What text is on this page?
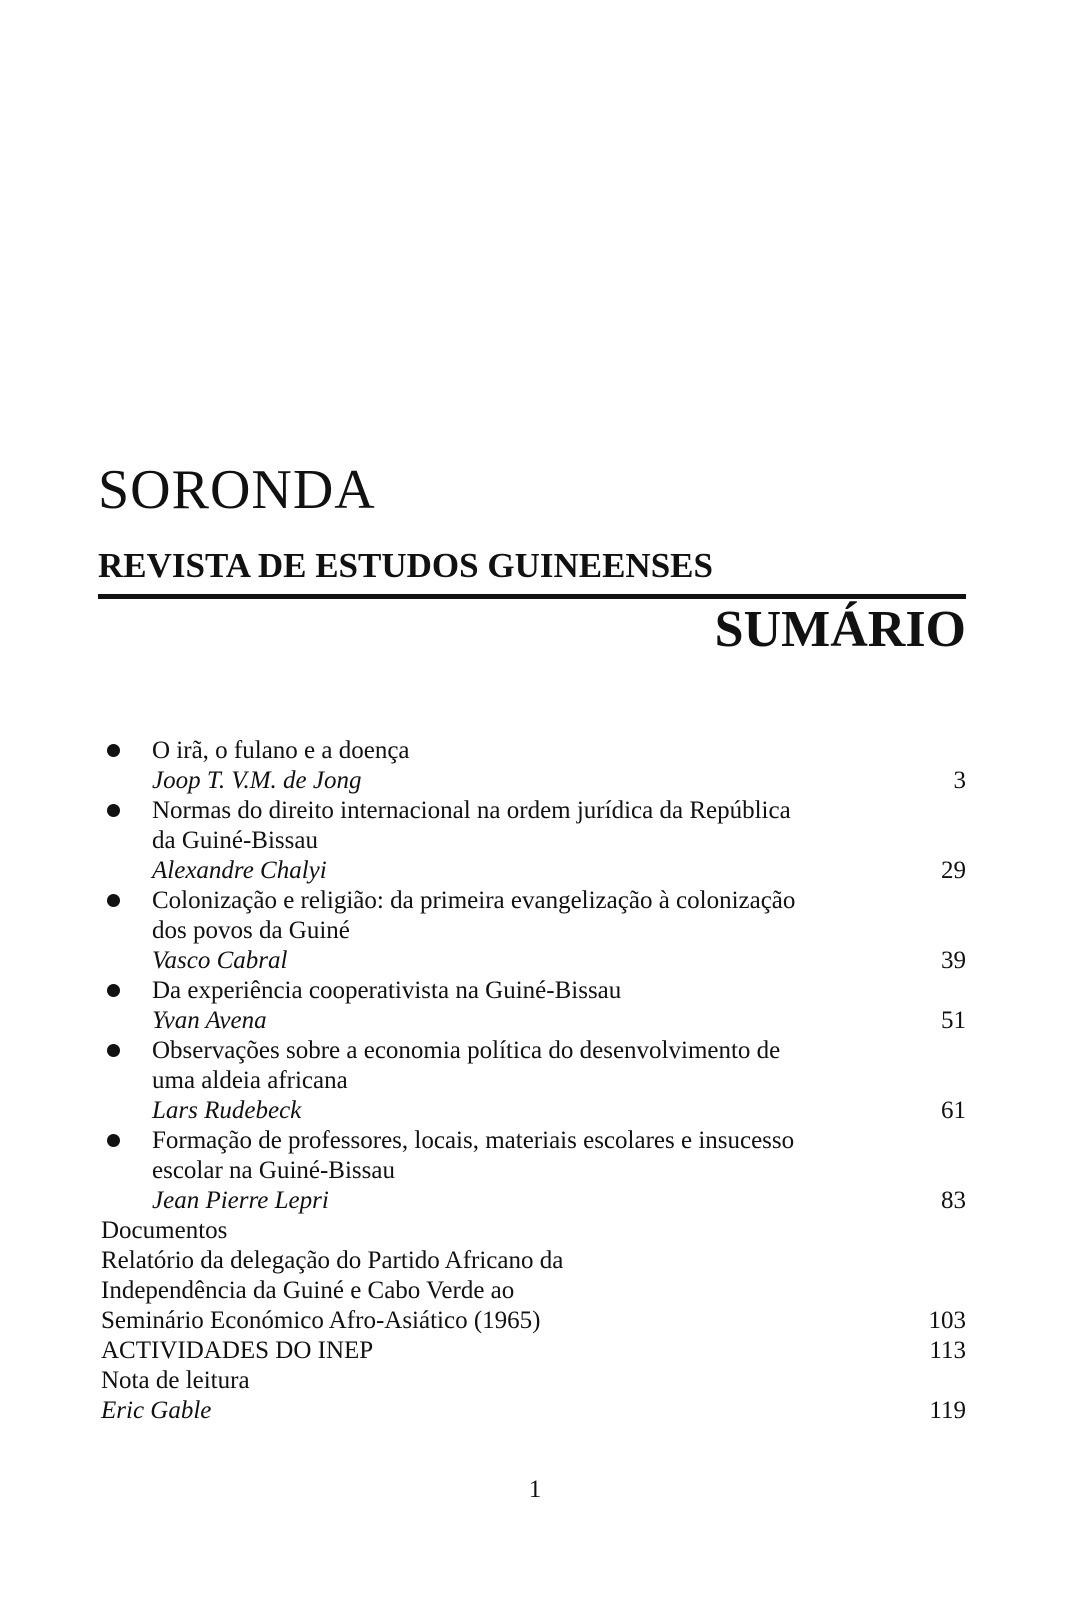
SORONDA
REVISTA DE ESTUDOS GUINEENSES
SUMÁRIO
O irã, o fulano e a doença
Joop T. V.M. de Jong	3
Normas do direito internacional na ordem jurídica da República
da Guiné-Bissau
Alexandre Chalyi	29
Colonização e religião: da primeira evangelização à colonização
dos povos da Guiné
Vasco Cabral	39
Da experiência cooperativista na Guiné-Bissau
Yvan Avena	51
Observações sobre a economia política do desenvolvimento de
uma aldeia africana
Lars Rudebeck	61
Formação de professores, locais, materiais escolares e insucesso
escolar na Guiné-Bissau
Jean Pierre Lepri	83
Documentos
Relatório da delegação do Partido Africano da
Independência da Guiné e Cabo Verde ao
Seminário Económico Afro-Asiático (1965)	103
ACTIVIDADES DO INEP	113
Nota de leitura
Eric Gable	119
1
